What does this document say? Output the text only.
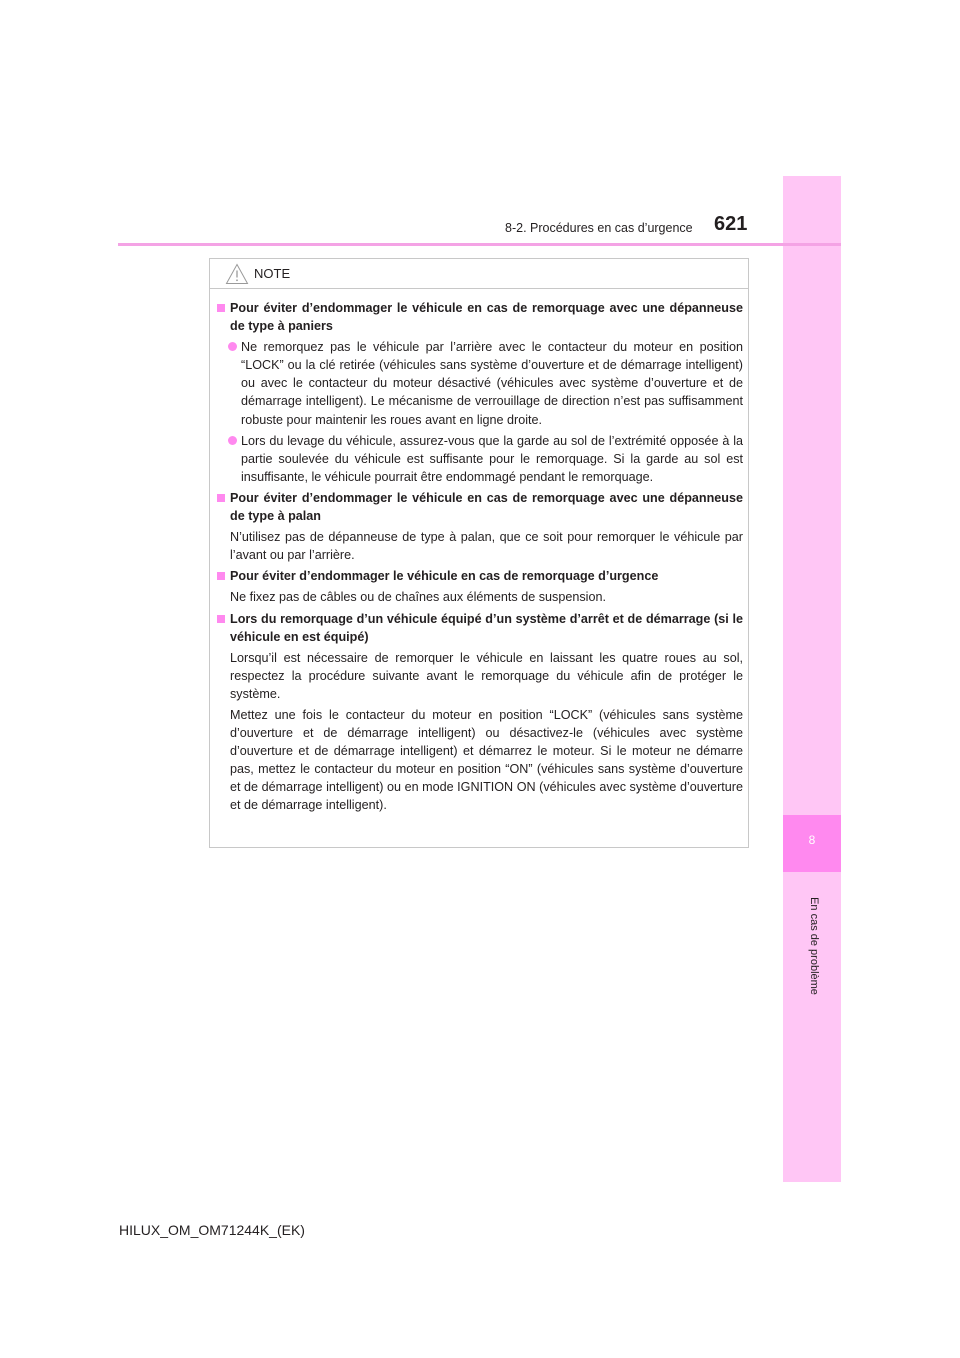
8
En cas de problème
8-2. Procédures en cas d’urgence 621
NOTE
Pour éviter d’endommager le véhicule en cas de remorquage avec une dépanneuse de type à paniers
Ne remorquez pas le véhicule par l’arrière avec le contacteur du moteur en position “LOCK” ou la clé retirée (véhicules sans système d’ouverture et de démarrage intelligent) ou avec le contacteur du moteur désactivé (véhicules avec système d’ouverture et de démarrage intelligent). Le mécanisme de verrouillage de direction n’est pas suffisamment robuste pour maintenir les roues avant en ligne droite.
Lors du levage du véhicule, assurez-vous que la garde au sol de l’extrémité opposée à la partie soulevée du véhicule est suffisante pour le remorquage. Si la garde au sol est insuffisante, le véhicule pourrait être endommagé pendant le remorquage.
Pour éviter d’endommager le véhicule en cas de remorquage avec une dépanneuse de type à palan
N’utilisez pas de dépanneuse de type à palan, que ce soit pour remorquer le véhicule par l’avant ou par l’arrière.
Pour éviter d’endommager le véhicule en cas de remorquage d’urgence
Ne fixez pas de câbles ou de chaînes aux éléments de suspension.
Lors du remorquage d’un véhicule équipé d’un système d’arrêt et de démarrage (si le véhicule en est équipé)
Lorsqu’il est nécessaire de remorquer le véhicule en laissant les quatre roues au sol, respectez la procédure suivante avant le remorquage du véhicule afin de protéger le système.
Mettez une fois le contacteur du moteur en position “LOCK” (véhicules sans système d’ouverture et de démarrage intelligent) ou désactivez-le (véhicules avec système d’ouverture et de démarrage intelligent) et démarrez le moteur. Si le moteur ne démarre pas, mettez le contacteur du moteur en position “ON” (véhicules sans système d’ouverture et de démarrage intelligent) ou en mode IGNITION ON (véhicules avec système d’ouverture et de démarrage intelligent).
HILUX_OM_OM71244K_(EK)
